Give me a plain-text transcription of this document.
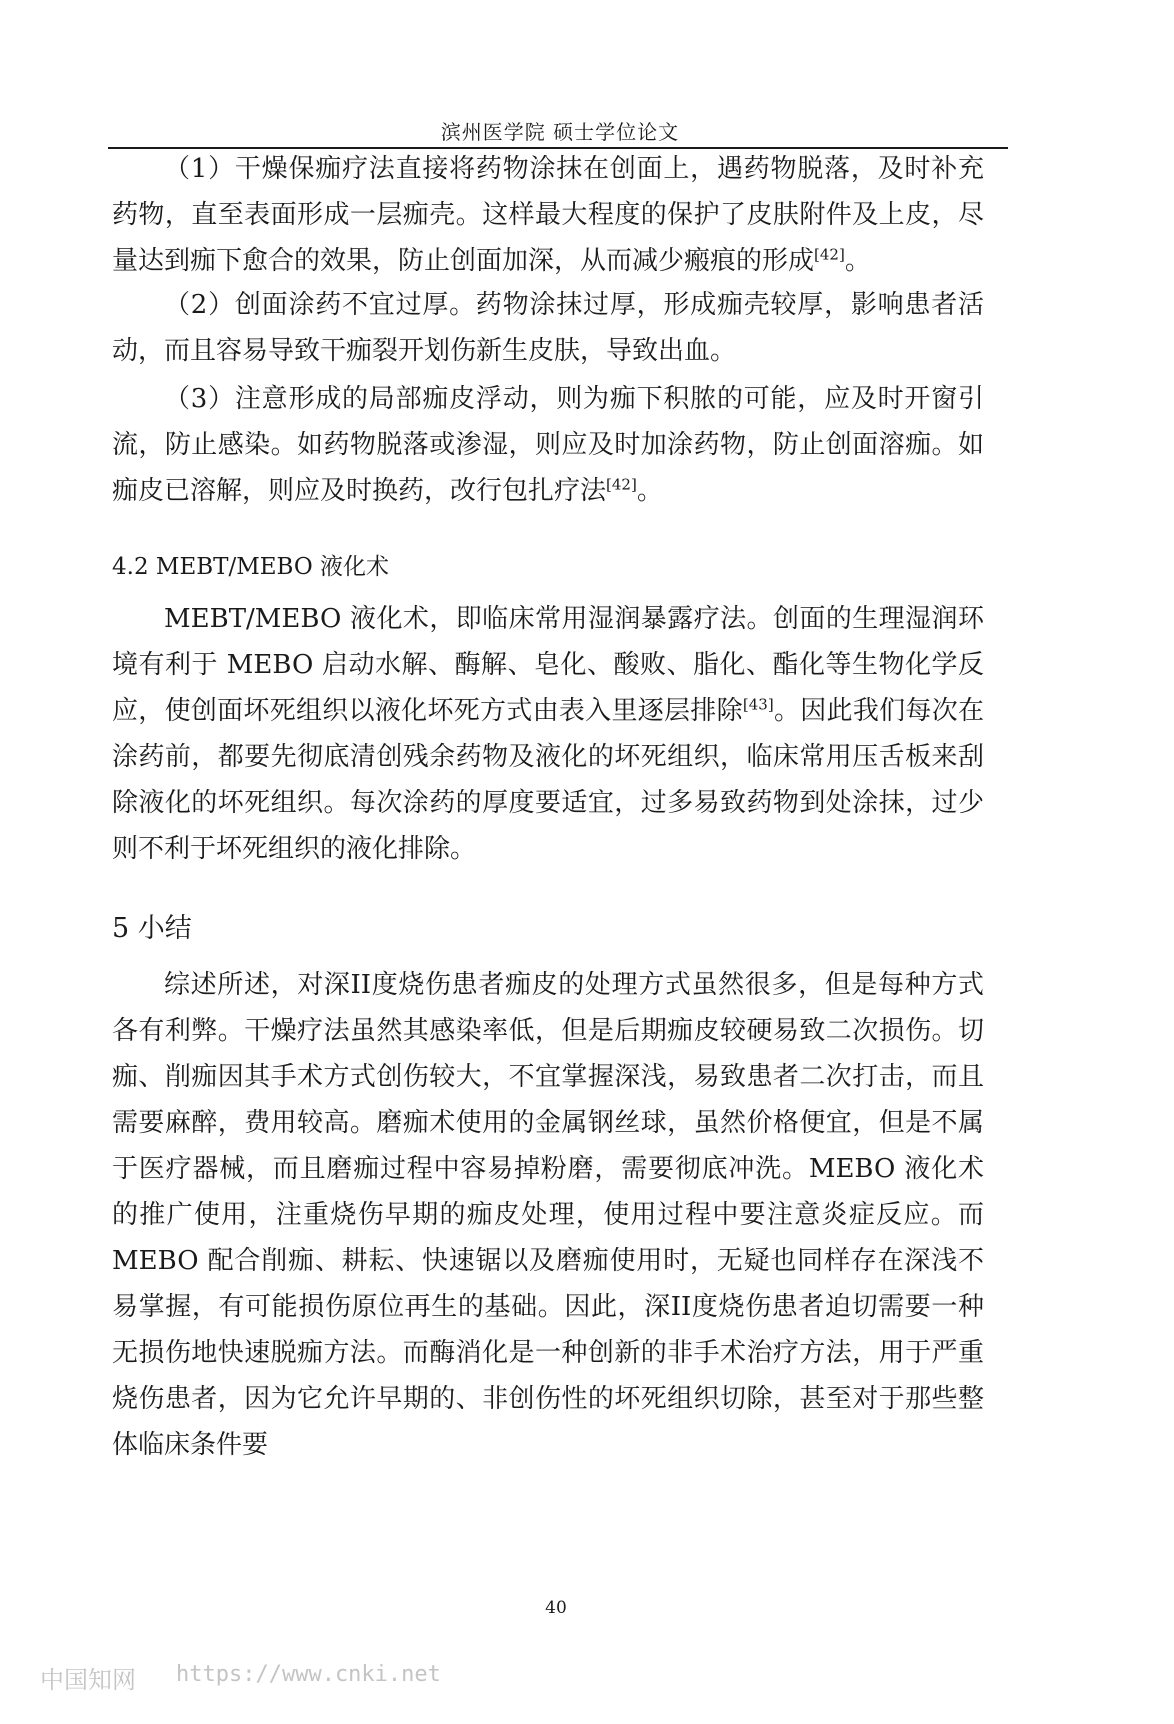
滨州医学院 硕士学位论文

（1）干燥保痂疗法直接将药物涂抹在创面上，遇药物脱落，及时补充药物，直至表面形成一层痂壳。这样最大程度的保护了皮肤附件及上皮，尽量达到痂下愈合的效果，防止创面加深，从而减少瘢痕的形成[42]。

（2）创面涂药不宜过厚。药物涂抹过厚，形成痂壳较厚，影响患者活动，而且容易导致干痂裂开划伤新生皮肤，导致出血。

（3）注意形成的局部痂皮浮动，则为痂下积脓的可能，应及时开窗引流，防止感染。如药物脱落或渗湿，则应及时加涂药物，防止创面溶痂。如痂皮已溶解，则应及时换药，改行包扎疗法[42]。

4.2 MEBT/MEBO 液化术

MEBT/MEBO 液化术，即临床常用湿润暴露疗法。创面的生理湿润环境有利于 MEBO 启动水解、酶解、皂化、酸败、脂化、酯化等生物化学反应，使创面坏死组织以液化坏死方式由表入里逐层排除[43]。因此我们每次在涂药前，都要先彻底清创残余药物及液化的坏死组织，临床常用压舌板来刮除液化的坏死组织。每次涂药的厚度要适宜，过多易致药物到处涂抹，过少则不利于坏死组织的液化排除。

5 小结

综述所述，对深II度烧伤患者痂皮的处理方式虽然很多，但是每种方式各有利弊。干燥疗法虽然其感染率低，但是后期痂皮较硬易致二次损伤。切痂、削痂因其手术方式创伤较大，不宜掌握深浅，易致患者二次打击，而且需要麻醉，费用较高。磨痂术使用的金属钢丝球，虽然价格便宜，但是不属于医疗器械，而且磨痂过程中容易掉粉磨，需要彻底冲洗。MEBO 液化术的推广使用，注重烧伤早期的痂皮处理，使用过程中要注意炎症反应。而 MEBO 配合削痂、耕耘、快速锯以及磨痂使用时，无疑也同样存在深浅不易掌握，有可能损伤原位再生的基础。因此，深II度烧伤患者迫切需要一种无损伤地快速脱痂方法。而酶消化是一种创新的非手术治疗方法，用于严重烧伤患者，因为它允许早期的、非创伤性的坏死组织切除，甚至对于那些整体临床条件要

40
中国知网 https://www.cnki.net
